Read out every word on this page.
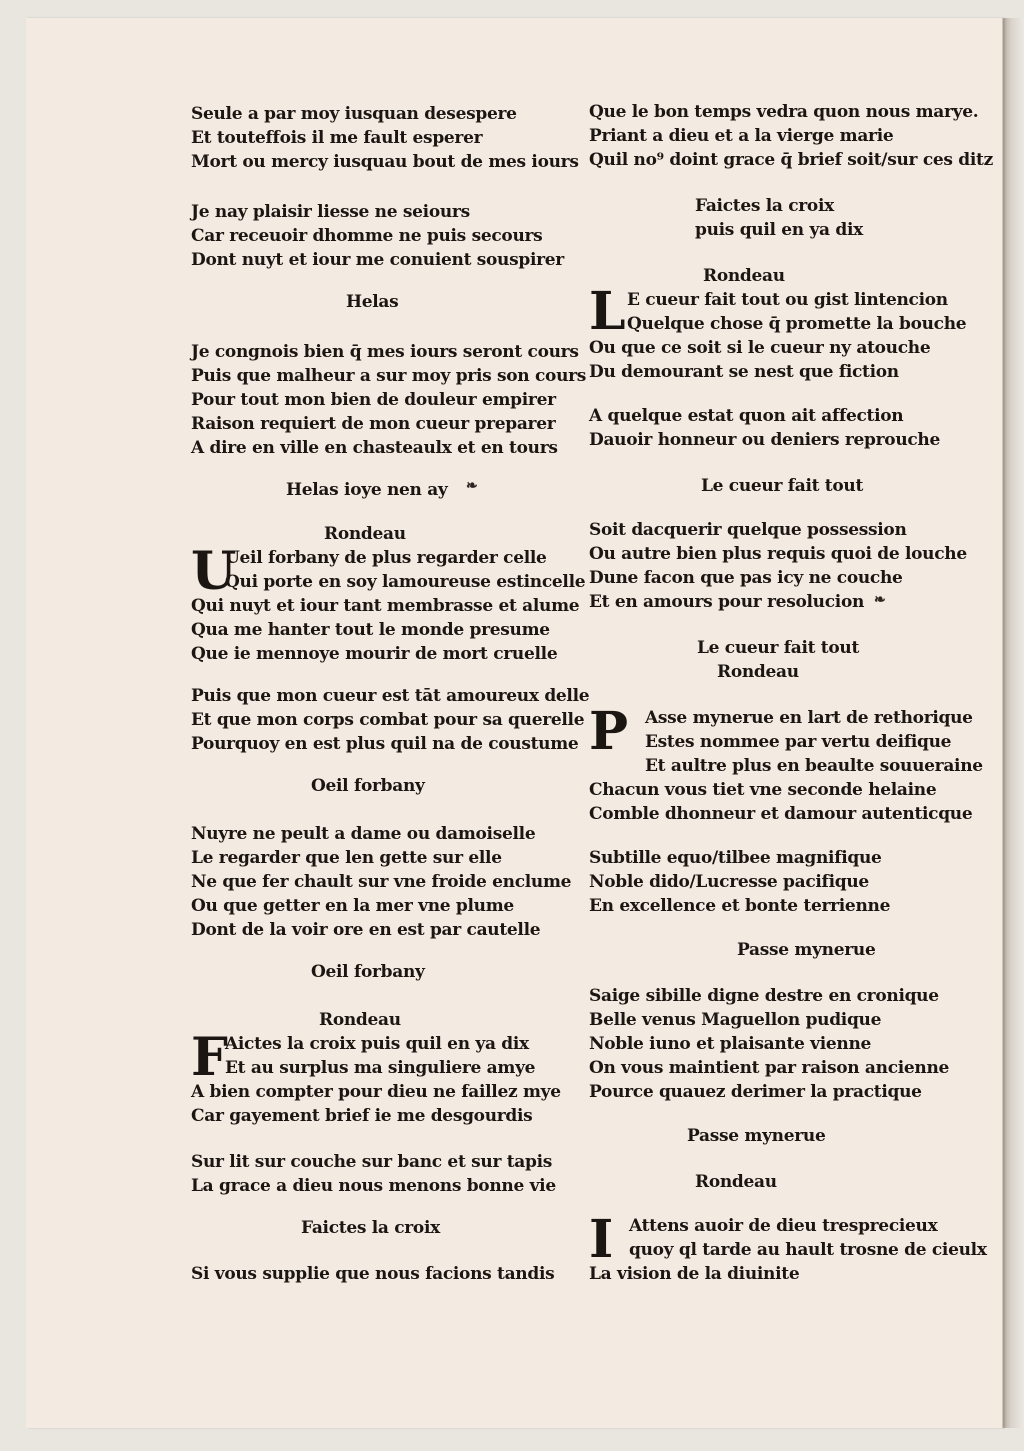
Seule a par moy iusquan desespere
Et touteffois il me fault esperer
Mort ou mercy iusquau bout de mes iours
Je nay plaisir liesse ne seiours
Car receuoir dhomme ne puis secours
Dont nuyt et iour me conuient souspirer
Helas
Je congnois bien q̄ mes iours seront cours
Puis que malheur a sur moy pris son cours
Pour tout mon bien de douleur empirer
Raison requiert de mon cueur preparer
A dire en ville en chasteaulx et en tours
Helas ioye nen ay ❧
Rondeau
U
Ueil forbany de plus regarder celle
Qui porte en soy lamoureuse estincelle
Qui nuyt et iour tant membrasse et alume
Qua me hanter tout le monde presume
Que ie mennoye mourir de mort cruelle
Puis que mon cueur est tāt amoureux delle
Et que mon corps combat pour sa querelle
Pourquoy en est plus quil na de coustume
Oeil forbany
Nuyre ne peult a dame ou damoiselle
Le regarder que len gette sur elle
Ne que fer chault sur vne froide enclume
Ou que getter en la mer vne plume
Dont de la voir ore en est par cautelle
Oeil forbany
Rondeau
F
Aictes la croix puis quil en ya dix
Et au surplus ma singuliere amye
A bien compter pour dieu ne faillez mye
Car gayement brief ie me desgourdis
Sur lit sur couche sur banc et sur tapis
La grace a dieu nous menons bonne vie
Faictes la croix
Si vous supplie que nous facions tandis
Que le bon temps vedra quon nous marye.
Priant a dieu et a la vierge marie
Quil no⁹ doint grace q̄ brief soit/sur ces ditz
Faictes la croix
puis quil en ya dix
Rondeau
L E cueur fait tout ou gist lintencion
Quelque chose q̄ promette la bouche
Ou que ce soit si le cueur ny atouche
Du demourant se nest que fiction
A quelque estat quon ait affection
Dauoir honneur ou deniers reprouche
Le cueur fait tout
Soit dacquerir quelque possession
Ou autre bien plus requis quoi de louche
Dune facon que pas icy ne couche
Et en amours pour resolucion ❧
Le cueur fait tout
Rondeau
P Asse mynerue en lart de rethorique
Estes nommee par vertu deifique
Et aultre plus en beaulte souueraine
Chacun vous tiet vne seconde helaine
Comble dhonneur et damour autenticque
Subtille equo/tilbee magnifique
Noble dido/Lucresse pacifique
En excellence et bonte terrienne
Passe mynerue
Saige sibille digne destre en cronique
Belle venus Maguellon pudique
Noble iuno et plaisante vienne
On vous maintient par raison ancienne
Pource quauez derimer la practique
Passe mynerue
Rondeau
I Attens auoir de dieu tresprecieux
quoy ql tarde au hault trosne de cieulx
La vision de la diuinite
